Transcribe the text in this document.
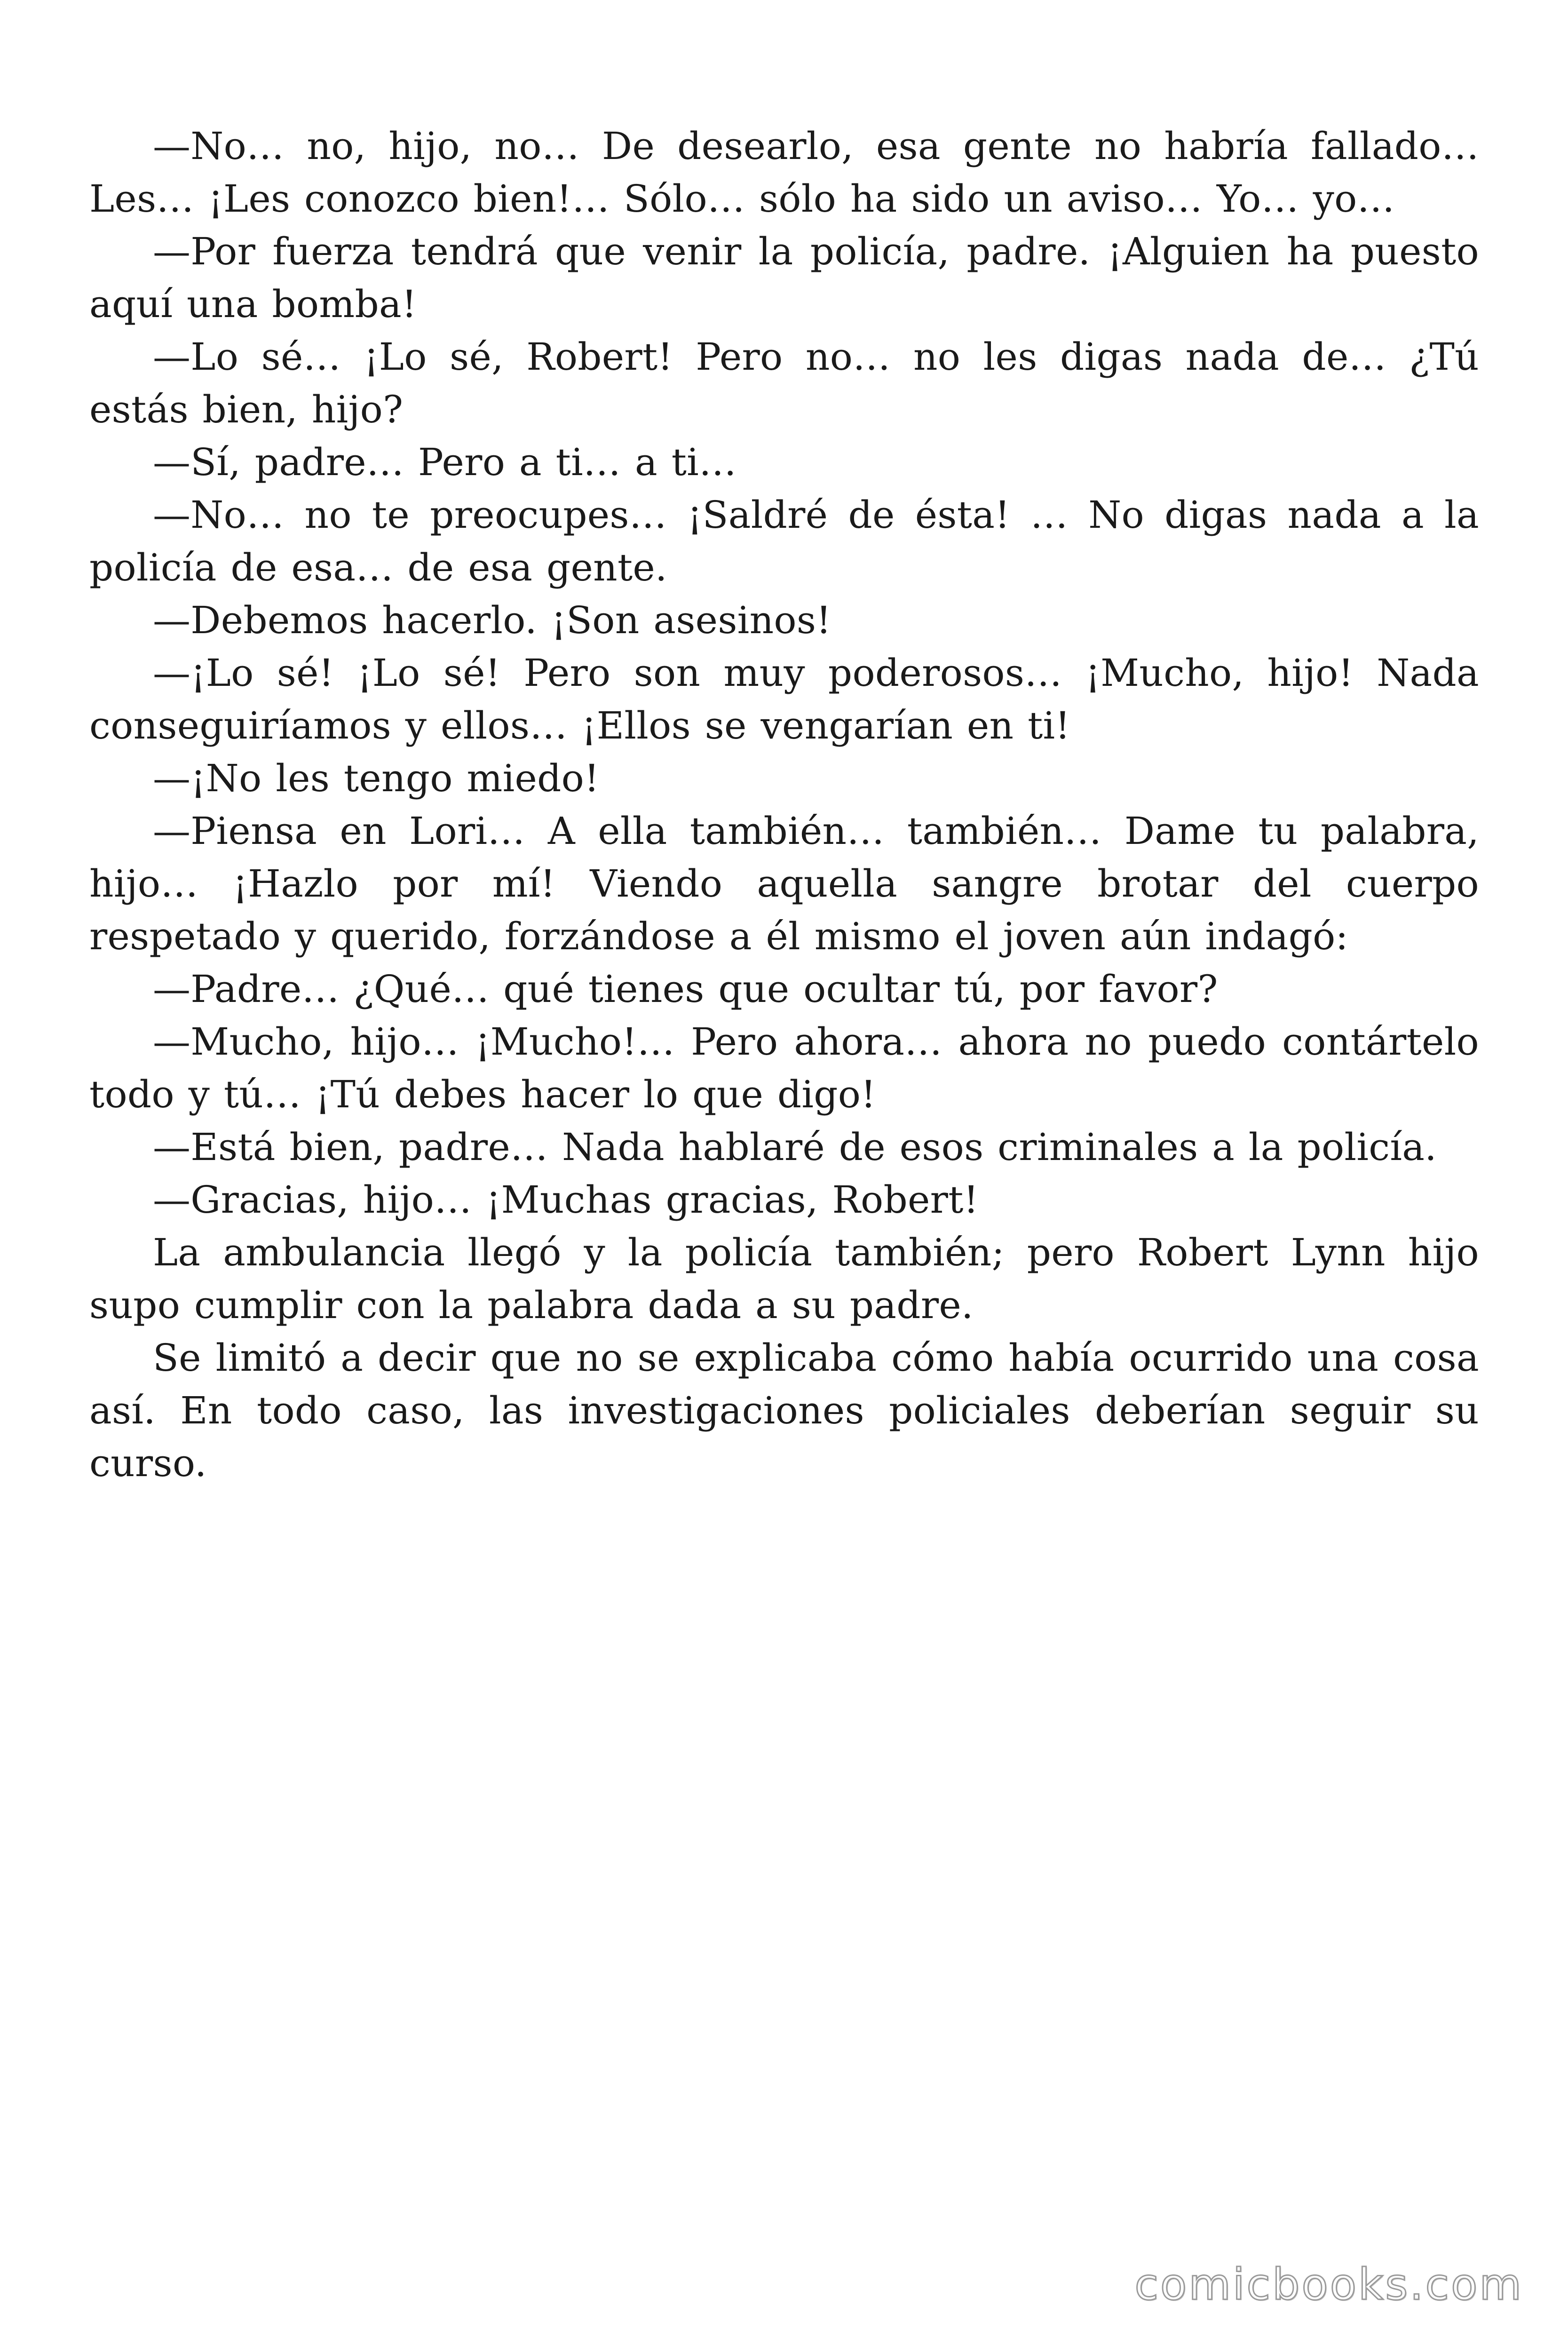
—No… no, hijo, no… De desearlo, esa gente no habría fallado… Les… ¡Les conozco bien!… Sólo… sólo ha sido un aviso… Yo… yo…

—Por fuerza tendrá que venir la policía, padre. ¡Alguien ha puesto aquí una bomba!

—Lo sé… ¡Lo sé, Robert! Pero no… no les digas nada de… ¿Tú estás bien, hijo?

—Sí, padre… Pero a ti… a ti…

—No… no te preocupes… ¡Saldré de ésta! … No digas nada a la policía de esa… de esa gente.

—Debemos hacerlo. ¡Son asesinos!

—¡Lo sé! ¡Lo sé! Pero son muy poderosos… ¡Mucho, hijo! Nada conseguiríamos y ellos… ¡Ellos se vengarían en ti!

—¡No les tengo miedo!

—Piensa en Lori… A ella también… también… Dame tu palabra, hijo… ¡Hazlo por mí! Viendo aquella sangre brotar del cuerpo respetado y querido, forzándose a él mismo el joven aún indagó:

—Padre… ¿Qué… qué tienes que ocultar tú, por favor?

—Mucho, hijo… ¡Mucho!… Pero ahora… ahora no puedo contártelo todo y tú… ¡Tú debes hacer lo que digo!

—Está bien, padre… Nada hablaré de esos criminales a la policía.

—Gracias, hijo… ¡Muchas gracias, Robert!

La ambulancia llegó y la policía también; pero Robert Lynn hijo supo cumplir con la palabra dada a su padre.

Se limitó a decir que no se explicaba cómo había ocurrido una cosa así. En todo caso, las investigaciones policiales deberían seguir su curso.

comicbooks.com
